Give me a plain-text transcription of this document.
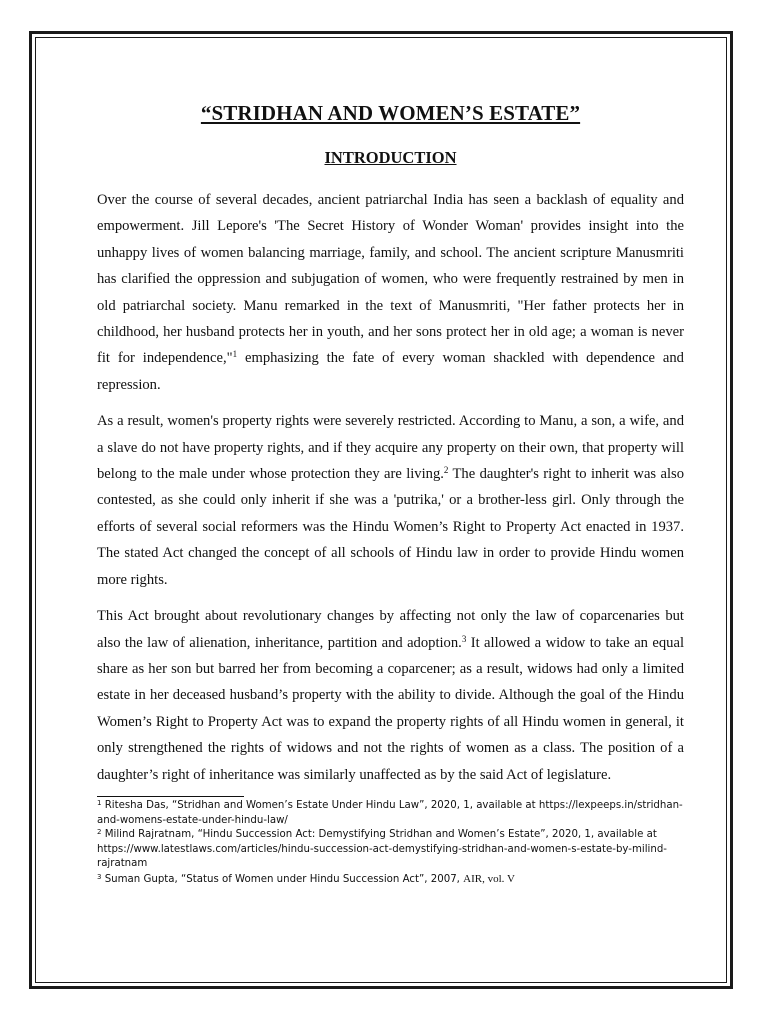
“STRIDHAN AND WOMEN’S ESTATE”
INTRODUCTION

Over the course of several decades, ancient patriarchal India has seen a backlash of equality and empowerment. Jill Lepore's 'The Secret History of Wonder Woman' provides insight into the unhappy lives of women balancing marriage, family, and school. The ancient scripture Manusmriti has clarified the oppression and subjugation of women, who were frequently restrained by men in old patriarchal society. Manu remarked in the text of Manusmriti, "Her father protects her in childhood, her husband protects her in youth, and her sons protect her in old age; a woman is never fit for independence,"$^1$ emphasizing the fate of every woman shackled with dependence and repression.

As a result, women's property rights were severely restricted. According to Manu, a son, a wife, and a slave do not have property rights, and if they acquire any property on their own, that property will belong to the male under whose protection they are living.$^2$ The daughter's right to inherit was also contested, as she could only inherit if she was a 'putrika,' or a brother-less girl. Only through the efforts of several social reformers was the Hindu Women’s Right to Property Act enacted in 1937. The stated Act changed the concept of all schools of Hindu law in order to provide Hindu women more rights.

This Act brought about revolutionary changes by affecting not only the law of coparcenaries but also the law of alienation, inheritance, partition and adoption.$^3$ It allowed a widow to take an equal share as her son but barred her from becoming a coparcener; as a result, widows had only a limited estate in her deceased husband’s property with the ability to divide. Although the goal of the Hindu Women’s Right to Property Act was to expand the property rights of all Hindu women in general, it only strengthened the rights of widows and not the rights of women as a class. The position of a daughter’s right of inheritance was similarly unaffected as by the said Act of legislature.

$^1$ Ritesha Das, “Stridhan and Women’s Estate Under Hindu Law”, 2020, 1, available at https://lexpeeps.in/stridhan-and-womens-estate-under-hindu-law/

$^2$ Milind Rajratnam, “Hindu Succession Act: Demystifying Stridhan and Women’s Estate”, 2020, 1, available at https://www.latestlaws.com/articles/hindu-succession-act-demystifying-stridhan-and-women-s-estate-by-milind-rajratnam

$^3$ Suman Gupta, “Status of Women under Hindu Succession Act”, 2007, AIR, vol. V
